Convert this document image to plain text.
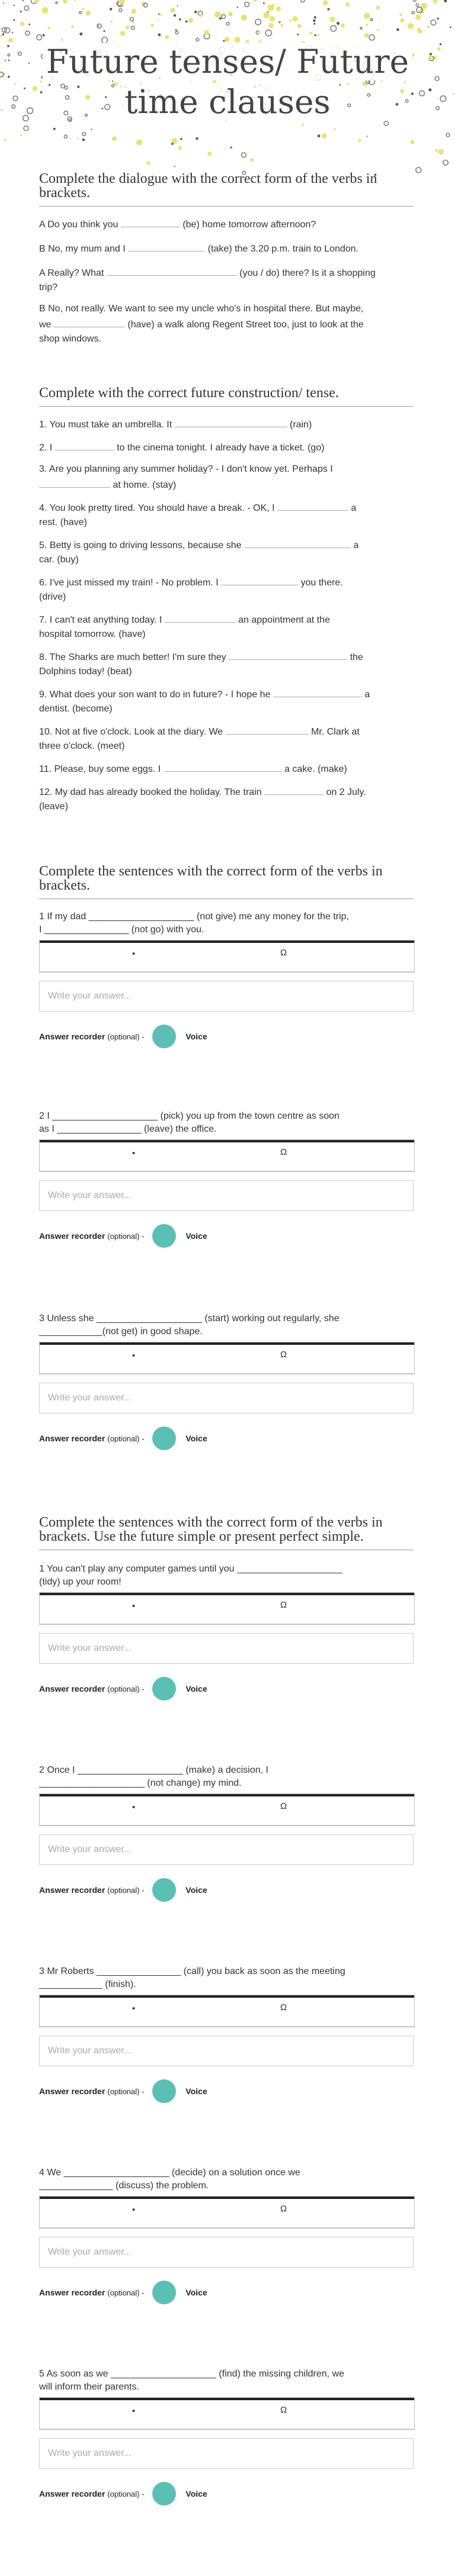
Future tenses/ Future
time clauses
Complete the dialogue with the correct form of the verbs in brackets.

A Do you think you	(be) home tomorrow afternoon?

B No, my mum and I	(take) the 3.20 p.m. train to London.

A Really? What	(you / do) there? Is it a shopping
trip?

B No, not really. We want to see my uncle who's in hospital there. But maybe,
we	(have) a walk along Regent Street too, just to look at the
shop windows.

Complete with the correct future construction/ tense.

1. You must take an umbrella. It	(rain)

2. I	to the cinema tonight. I already have a ticket. (go)

3. Are you planning any summer holiday? - I don't know yet. Perhaps I
at home. (stay)

4. You look pretty tired. You should have a break. - OK, I	a
rest. (have)

5. Betty is going to driving lessons, because she	a
car. (buy)

6. I've just missed my train! - No problem. I	you there.
(drive)

7. I can't eat anything today. I	an appointment at the
hospital tomorrow. (have)

8. The Sharks are much better! I'm sure they	the
Dolphins today! (beat)

9. What does your son want to do in future? - I hope he	a
dentist. (become)

10. Not at five o'clock. Look at the diary. We	Mr. Clark at
three o'clock. (meet)

11. Please, buy some eggs. I	a cake. (make)

12. My dad has already booked the holiday. The train	on 2 July.
(leave)

Complete the sentences with the correct form of the verbs in brackets.
1 If my dad ____________________ (not give) me any money for the trip,
I ________________ (not go) with you.
•	Ω
Write your answer...
Answer recorder (optional) -	Voice
2 I ____________________ (pick) you up from the town centre as soon
as I ________________ (leave) the office.
•	Ω
Write your answer...
Answer recorder (optional) -	Voice
3 Unless she ____________________ (start) working out regularly, she
____________(not get) in good shape.
•	Ω
Write your answer...
Answer recorder (optional) -	Voice
Complete the sentences with the correct form of the verbs in brackets. Use the future simple or present perfect simple.
1 You can't play any computer games until you ____________________
(tidy) up your room!
•	Ω
Write your answer...
Answer recorder (optional) -	Voice
2 Once I ____________________ (make) a decision, I
____________________ (not change) my mind.
•	Ω
Write your answer...
Answer recorder (optional) -	Voice
3 Mr Roberts ________________ (call) you back as soon as the meeting
____________ (finish).
•	Ω
Write your answer...
Answer recorder (optional) -	Voice
4 We ____________________ (decide) on a solution once we
______________ (discuss) the problem.
•	Ω
Write your answer...
Answer recorder (optional) -	Voice
5 As soon as we ____________________ (find) the missing children, we
will inform their parents.
•	Ω
Write your answer...
Answer recorder (optional) -	Voice
